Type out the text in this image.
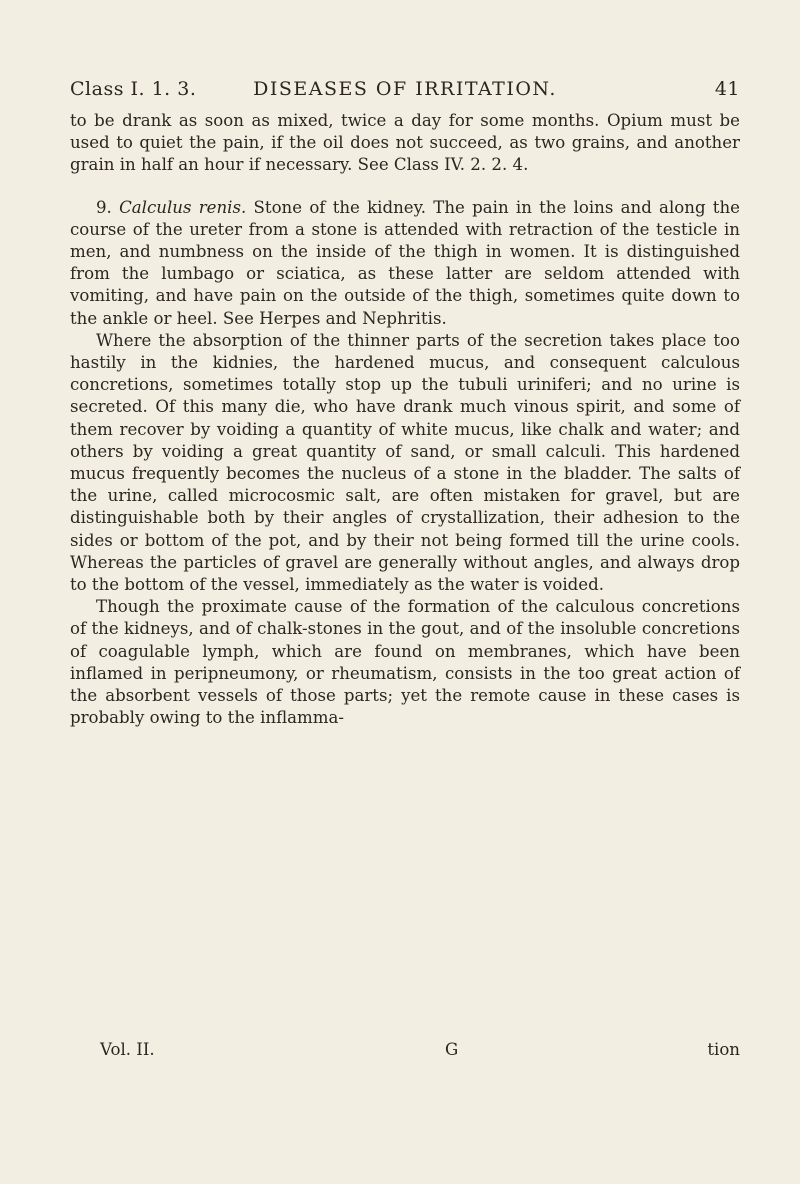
Class I. 1. 3.	DISEASES OF IRRITATION.	41

to be drank as soon as mixed, twice a day for some months. Opium must be used to quiet the pain, if the oil does not succeed, as two grains, and another grain in half an hour if necessary. See Class IV. 2. 2. 4.

9. Calculus renis. Stone of the kidney. The pain in the loins and along the course of the ureter from a stone is attended with retraction of the testicle in men, and numbness on the inside of the thigh in women. It is distinguished from the lumbago or sciatica, as these latter are seldom attended with vomiting, and have pain on the outside of the thigh, sometimes quite down to the ankle or heel. See Herpes and Nephritis.

Where the absorption of the thinner parts of the secretion takes place too hastily in the kidnies, the hardened mucus, and consequent calculous concretions, sometimes totally stop up the tubuli uriniferi; and no urine is secreted. Of this many die, who have drank much vinous spirit, and some of them recover by voiding a quantity of white mucus, like chalk and water; and others by voiding a great quantity of sand, or small calculi. This hardened mucus frequently becomes the nucleus of a stone in the bladder. The salts of the urine, called microcosmic salt, are often mistaken for gravel, but are distinguishable both by their angles of crystallization, their adhesion to the sides or bottom of the pot, and by their not being formed till the urine cools. Whereas the particles of gravel are generally without angles, and always drop to the bottom of the vessel, immediately as the water is voided.

Though the proximate cause of the formation of the calculous concretions of the kidneys, and of chalk-stones in the gout, and of the insoluble concretions of coagulable lymph, which are found on membranes, which have been inflamed in peripneumony, or rheumatism, consists in the too great action of the absorbent vessels of those parts; yet the remote cause in these cases is probably owing to the inflamma-

Vol. II.	G	tion
